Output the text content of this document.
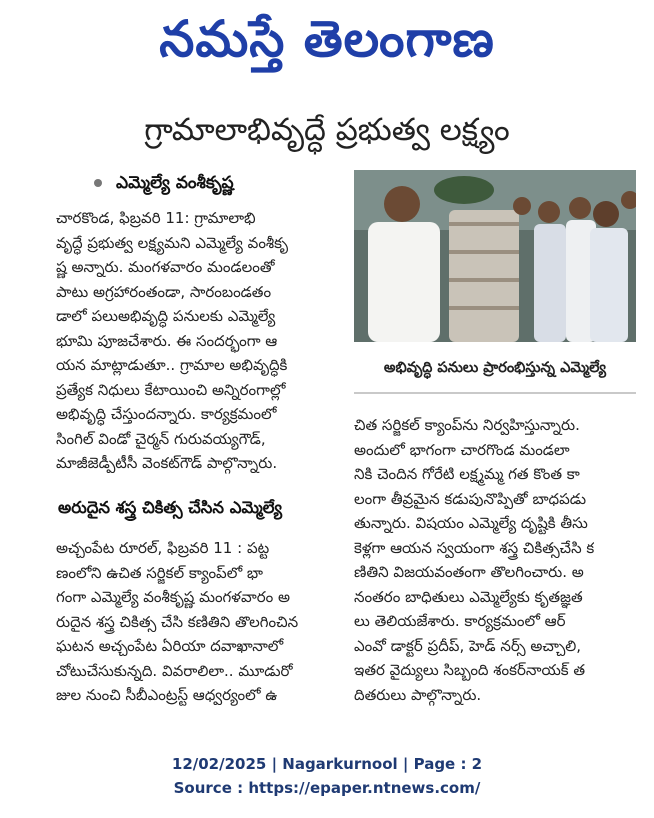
నమస్తే తెలంగాణ
గ్రామాలాభివృద్ధే ప్రభుత్వ లక్ష్యం
ఎమ్మెల్యే వంశీకృష్ణ
చారకొండ, ఫిబ్రవరి 11: గ్రామాలాభి
వృద్ధే ప్రభుత్వ లక్ష్యమని ఎమ్మెల్యే వంశీకృ
ష్ణ అన్నారు. మంగళవారం మండలంతో
పాటు అగ్రహారంతండా, సారంబండతం
డాలో పలుఅభివృద్ధి పనులకు ఎమ్మెల్యే
భూమి పూజచేశారు. ఈ సందర్భంగా ఆ
యన మాట్లాడుతూ.. గ్రామాల అభివృద్ధికి
ప్రత్యేక నిధులు కేటాయించి అన్నిరంగాల్లో
అభివృద్ధి చేస్తుందన్నారు. కార్యక్రమంలో
సింగిల్ విండో చైర్మన్ గురువయ్యగౌడ్,
మాజీజెడ్పీటీసీ వెంకట్‌గౌడ్ పాల్గొన్నారు.
అరుదైన శస్త్ర చికిత్స చేసిన ఎమ్మెల్యే
అచ్చంపేట రూరల్, ఫిబ్రవరి 11 : పట్ట
ణంలోని ఉచిత సర్జికల్ క్యాంప్‌లో భా
గంగా ఎమ్మెల్యే వంశీకృష్ణ మంగళవారం అ
రుదైన శస్త్ర చికిత్స చేసి కణితిని తొలగించిన
ఘటన అచ్చంపేట ఏరియా దవాఖానాలో
చోటుచేసుకున్నది. వివరాలిలా.. మూడురో
జుల నుంచి సీబీఎంట్రస్ట్ ఆధ్వర్యంలో ఉ
అభివృద్ధి పనులు ప్రారంభిస్తున్న ఎమ్మెల్యే
చిత సర్జికల్ క్యాంప్‌ను నిర్వహిస్తున్నారు.
అందులో భాగంగా చారగొండ మండలా
నికి చెందిన గోరేటి లక్ష్మమ్మ గత కొంత కా
లంగా తీవ్రమైన కడుపునొప్పితో బాధపడు
తున్నారు. విషయం ఎమ్మెల్యే దృష్టికి తీసు
కెళ్లగా ఆయన స్వయంగా శస్త్ర చికిత్సచేసి క
ణితిని విజయవంతంగా తొలగించారు. అ
నంతరం బాధితులు ఎమ్మెల్యేకు కృతజ్ఞత
లు తెలియజేశారు. కార్యక్రమంలో ఆర్
ఎంవో డాక్టర్ ప్రదీప్, హెడ్ నర్స్ అచ్చాలి,
ఇతర వైద్యులు సిబ్బంది శంకర్‌నాయక్ త
దితరులు పాల్గొన్నారు.
12/02/2025 | Nagarkurnool | Page : 2
Source : https://epaper.ntnews.com/
